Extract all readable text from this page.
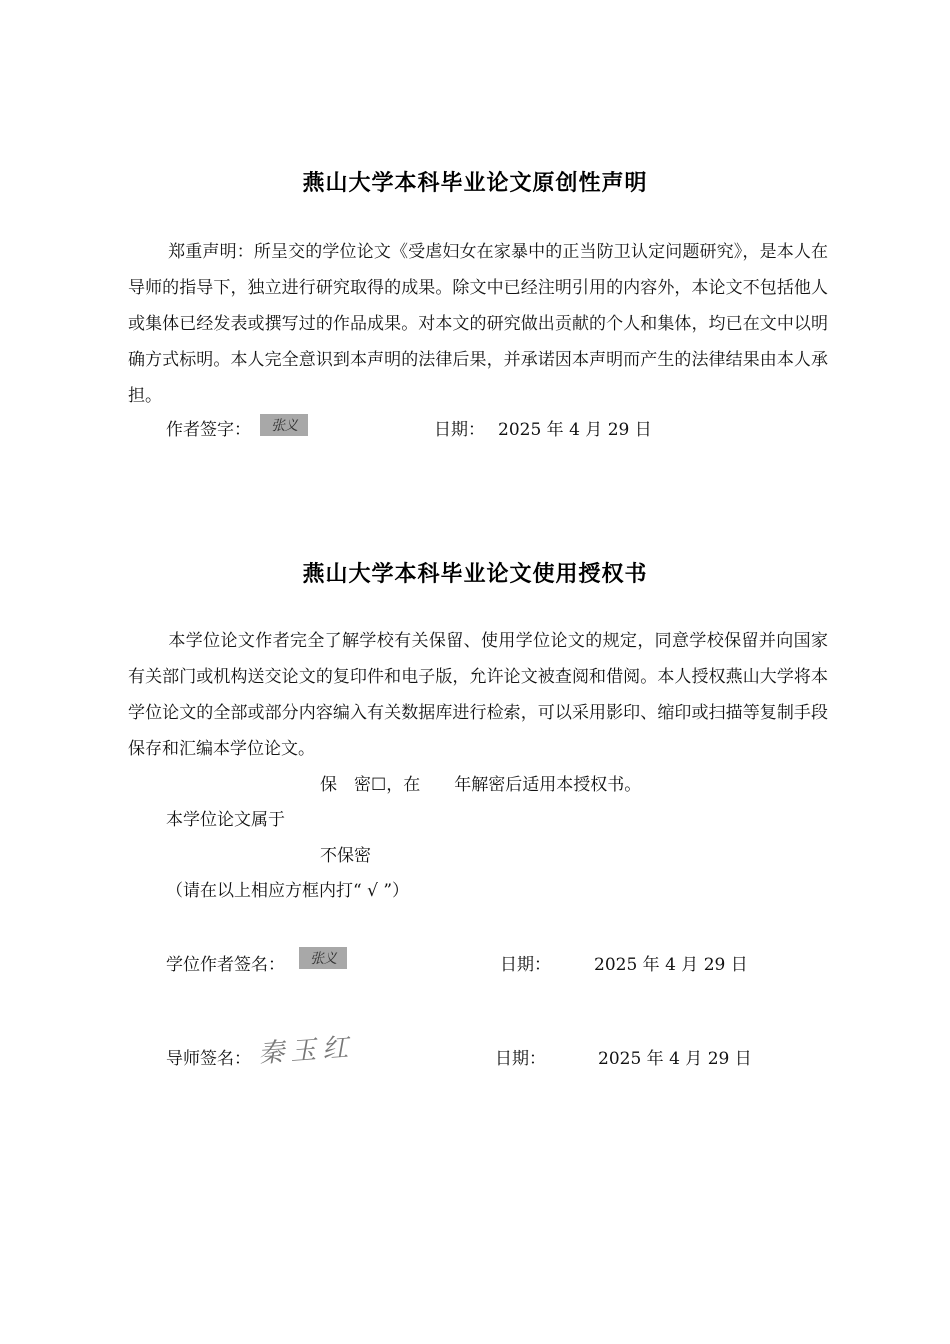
燕山大学本科毕业论文原创性声明
郑重声明：所呈交的学位论文《受虐妇女在家暴中的正当防卫认定问题研究》，是本人在导师的指导下，独立进行研究取得的成果。除文中已经注明引用的内容外，本论文不包括他人或集体已经发表或撰写过的作品成果。对本文的研究做出贡献的个人和集体，均已在文中以明确方式标明。本人完全意识到本声明的法律后果，并承诺因本声明而产生的法律结果由本人承担。
作者签字： 张义	日期： 2025 年 4 月 29 日
燕山大学本科毕业论文使用授权书
本学位论文作者完全了解学校有关保留、使用学位论文的规定，同意学校保留并向国家有关部门或机构送交论文的复印件和电子版，允许论文被查阅和借阅。本人授权燕山大学将本学位论文的全部或部分内容编入有关数据库进行检索，可以采用影印、缩印或扫描等复制手段保存和汇编本学位论文。
保　密☐，在　　年解密后适用本授权书。
本学位论文属于
不保密
（请在以上相应方框内打“ √ ”）
学位作者签名： 张义	日期：	2025 年 4 月 29 日
导师签名： 秦玉红	日期：	2025 年 4 月 29 日
